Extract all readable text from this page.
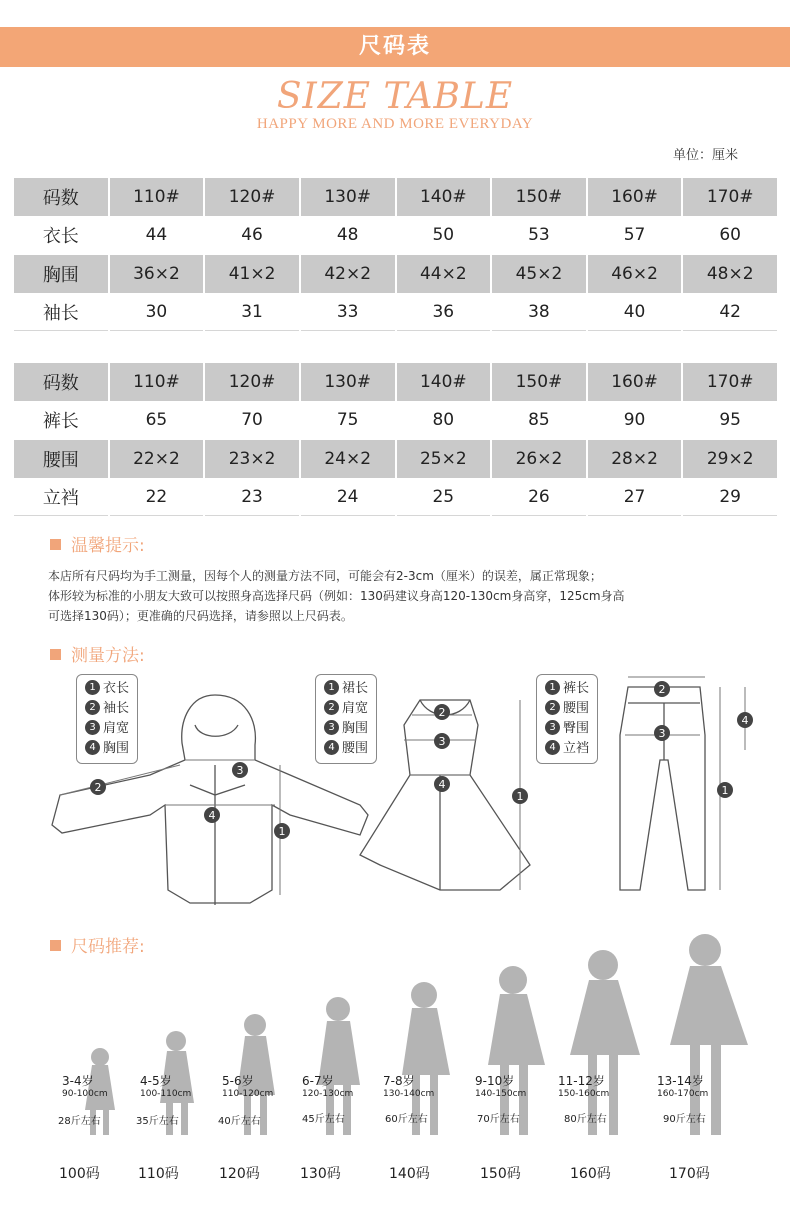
尺码表
SIZE TABLE
HAPPY MORE AND MORE EVERYDAY
单位：厘米
码数	110#	120#	130#	140#	150#	160#	170#
衣长	44	46	48	50	53	57	60
胸围	36×2	41×2	42×2	44×2	45×2	46×2	48×2
袖长	30	31	33	36	38	40	42
码数	110#	120#	130#	140#	150#	160#	170#
裤长	65	70	75	80	85	90	95
腰围	22×2	23×2	24×2	25×2	26×2	28×2	29×2
立裆	22	23	24	25	26	27	29
温馨提示:
本店所有尺码均为手工测量，因每个人的测量方法不同，可能会有2-3cm（厘米）的误差，属正常现象；
体形较为标准的小朋友大致可以按照身高选择尺码（例如：130码建议身高120-130cm身高穿，125cm身高
可选择130码）；更准确的尺码选择，请参照以上尺码表。
测量方法:
2
3
4
1
2
3
4
1
2
3
4
1
1 衣长
2 袖长
3 肩宽
4 胸围
1 裙长
2 肩宽
3 胸围
4 腰围
1 裤长
2 腰围
3 臀围
4 立裆
尺码推荐:
3-4岁
90-100cm
28斤左右
4-5岁
100-110cm
35斤左右
5-6岁
110-120cm
40斤左右
6-7岁
120-130cm
45斤左右
7-8岁
130-140cm
60斤左右
9-10岁
140-150cm
70斤左右
11-12岁
150-160cm
80斤左右
13-14岁
160-170cm
90斤左右
100码	110码	120码	130码	140码	150码	160码	170码
